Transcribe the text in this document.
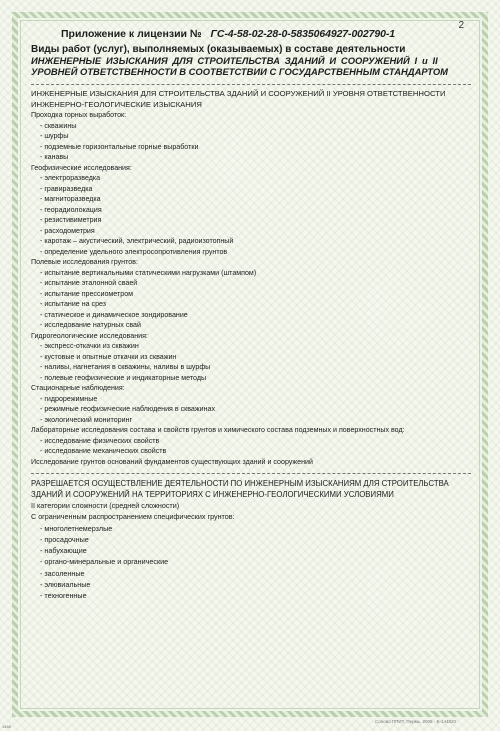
2
Приложение к лицензии № ГС-4-58-02-28-0-5835064927-002790-1
Виды работ (услуг), выполняемых (оказываемых) в составе деятельности
ИНЖЕНЕРНЫЕ ИЗЫСКАНИЯ ДЛЯ СТРОИТЕЛЬСТВА ЗДАНИЙ И СООРУЖЕНИЙ I и II
УРОВНЕЙ ОТВЕТСТВЕННОСТИ В СООТВЕТСТВИИ С ГОСУДАРСТВЕННЫМ СТАНДАРТОМ
ИНЖЕНЕРНЫЕ ИЗЫСКАНИЯ ДЛЯ СТРОИТЕЛЬСТВА ЗДАНИЙ И СООРУЖЕНИЙ II УРОВНЯ ОТВЕТСТВЕННОСТИ
ИНЖЕНЕРНО-ГЕОЛОГИЧЕСКИЕ ИЗЫСКАНИЯ
Проходка горных выработок:
- скважины
- шурфы
- подземные горизонтальные горные выработки
- канавы
Геофизические исследования:
- электроразведка
- гравиразведка
- магниторазведка
- георадиолокация
- резистивиметрия
- расходометрия
- каротаж – акустический, электрический, радиоизотопный
- определение удельного электросопротивления грунтов
Полевые исследования грунтов:
- испытание вертикальными статическими нагрузками (штампом)
- испытание эталонной сваей
- испытание прессиометром
- испытание на срез
- статическое и динамическое зондирование
- исследование натурных свай
Гидрогеологические исследования:
- экспресс-откачки из скважин
- кустовые и опытные откачки из скважин
- наливы, нагнетания в скважины, наливы в шурфы
- полевые геофизические и индикаторные методы
Стационарные наблюдения:
- гидрорежимные
- режимные геофизические наблюдения в скважинах
- экологический мониторинг
Лабораторные исследования состава и свойств грунтов и химического состава подземных и поверхностных вод:
- исследование физических свойств
- исследование механических свойств
Исследование грунтов оснований фундаментов существующих зданий и сооружений
РАЗРЕШАЕТСЯ ОСУЩЕСТВЛЕНИЕ ДЕЯТЕЛЬНОСТИ ПО ИНЖЕНЕРНЫМ ИЗЫСКАНИЯМ ДЛЯ СТРОИТЕЛЬСТВА
ЗДАНИЙ И СООРУЖЕНИЙ НА ТЕРРИТОРИЯХ С ИНЖЕНЕРНО-ГЕОЛОГИЧЕСКИМИ УСЛОВИЯМИ
II категории сложности (средней сложности)
С ограниченным распространением специфических грунтов:
- многолетнемерзлые
- просадочные
- набухающие
- органо-минеральные и органические
- засоленные
- элювиальные
- техногенные
1468
Солово ППИТ, Пермь, 2006 · Б-144820
